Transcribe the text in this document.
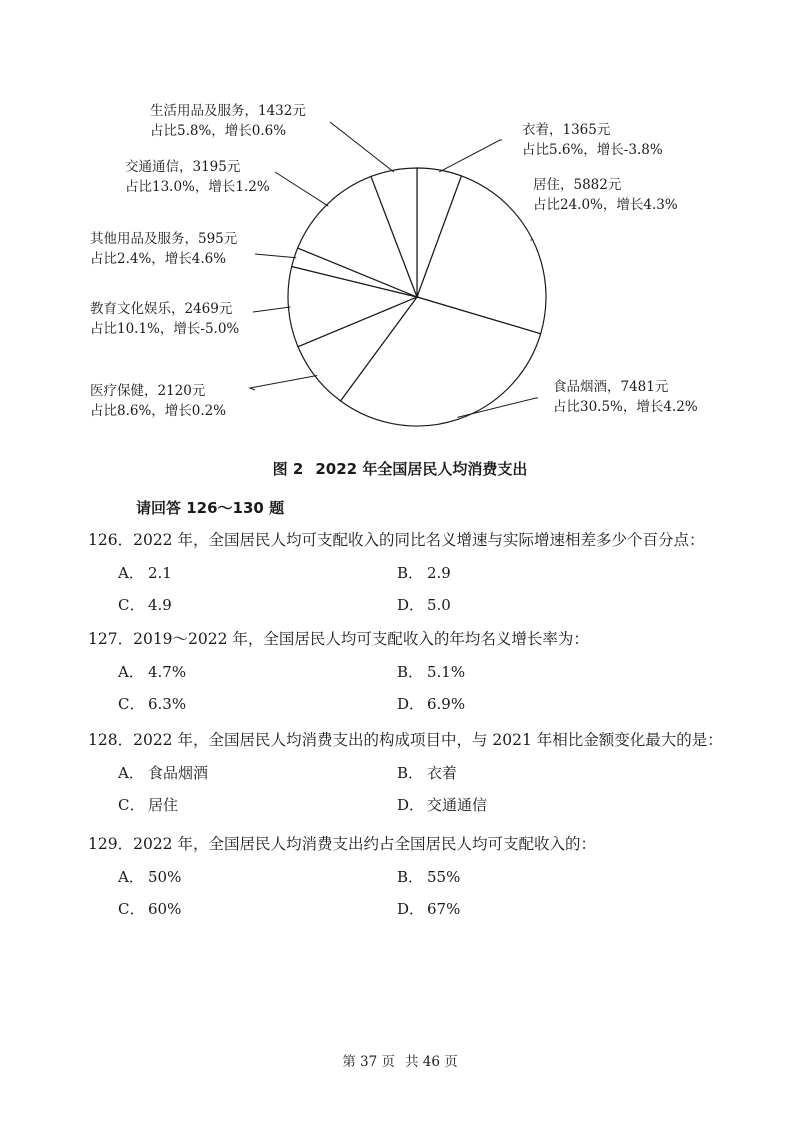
衣着，1365元
占比5.6%，增长-3.8%
居住，5882元
占比24.0%，增长4.3%
食品烟酒，7481元
占比30.5%，增长4.2%
医疗保健，2120元
占比8.6%，增长0.2%
教育文化娱乐，2469元
占比10.1%，增长-5.0%
其他用品及服务，595元
占比2.4%，增长4.6%
交通通信，3195元
占比13.0%，增长1.2%
生活用品及服务，1432元
占比5.8%，增长0.6%
图 2 2022 年全国居民人均消费支出
请回答 126～130 题
126．2022 年，全国居民人均可支配收入的同比名义增速与实际增速相差多少个百分点：
A． 2.1	B． 2.9
C． 4.9	D． 5.0
127．2019～2022 年，全国居民人均可支配收入的年均名义增长率为：
A． 4.7%	B． 5.1%
C． 6.3%	D． 6.9%
128．2022 年，全国居民人均消费支出的构成项目中，与 2021 年相比金额变化最大的是：
A． 食品烟酒	B． 衣着
C． 居住	D． 交通通信
129．2022 年，全国居民人均消费支出约占全国居民人均可支配收入的：
A． 50%	B． 55%
C． 60%	D． 67%
第 37 页 共 46 页
